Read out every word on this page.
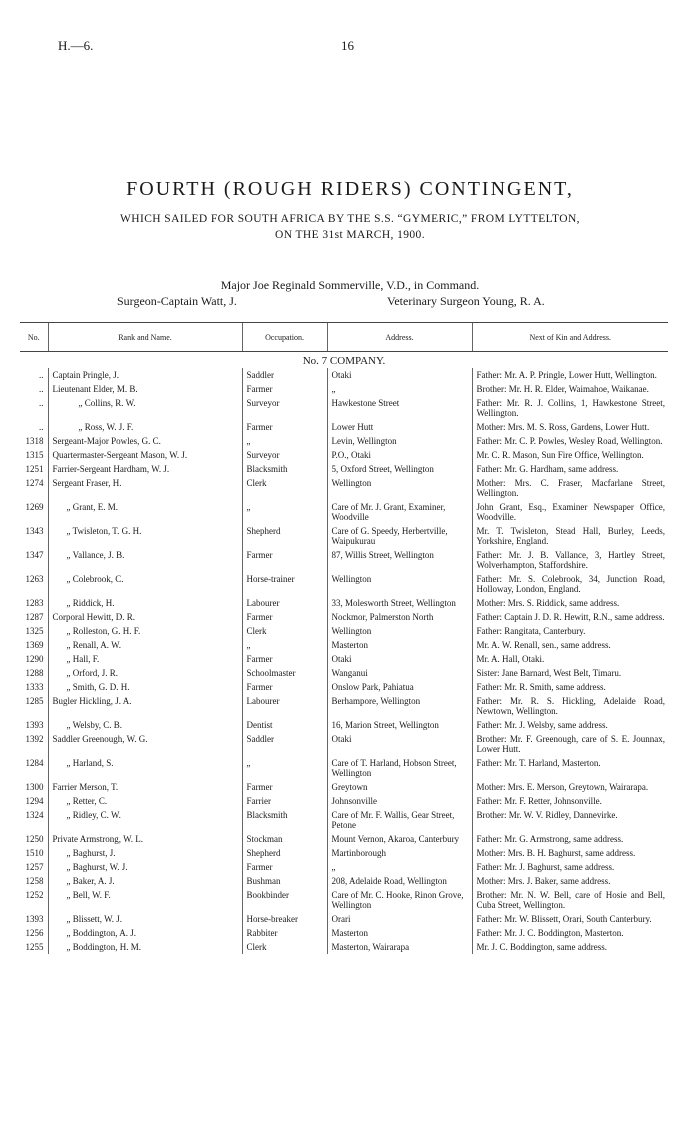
H.—6.	16
FOURTH (ROUGH RIDERS) CONTINGENT,
WHICH SAILED FOR SOUTH AFRICA BY THE S.S. “GYMERIC,” FROM LYTTELTON,
ON THE 31st MARCH, 1900.
Major Joe Reginald Sommerville, V.D., in Command.
Surgeon-Captain Watt, J.	Veterinary Surgeon Young, R. A.
No.	Rank and Name.	Occupation.	Address.	Next of Kin and Address.
No. 7 COMPANY.				
..	Captain Pringle, J.	Saddler	Otaki	Father: Mr. A. P. Pringle, Lower Hutt, Wellington.
..	Lieutenant Elder, M. B.	Farmer	„	Brother: Mr. H. R. Elder, Waimahoe, Waikanae.
..	„ Collins, R. W.	Surveyor	Hawkestone Street	Father: Mr. R. J. Collins, 1, Hawkestone Street, Wellington.
..	„ Ross, W. J. F.	Farmer	Lower Hutt	Mother: Mrs. M. S. Ross, Gardens, Lower Hutt.
1318	Sergeant-Major Powles, G. C.	„	Levin, Wellington	Father: Mr. C. P. Powles, Wesley Road, Wellington.
1315	Quartermaster-Sergeant Mason, W. J.	Surveyor	P.O., Otaki	Mr. C. R. Mason, Sun Fire Office, Wellington.
1251	Farrier-Sergeant Hardham, W. J.	Blacksmith	5, Oxford Street, Wellington	Father: Mr. G. Hardham, same address.
1274	Sergeant Fraser, H.	Clerk	Wellington	Mother: Mrs. C. Fraser, Macfarlane Street, Wellington.
1269	„ Grant, E. M.	„	Care of Mr. J. Grant, Examiner, Woodville	John Grant, Esq., Examiner Newspaper Office, Woodville.
1343	„ Twisleton, T. G. H.	Shepherd	Care of G. Speedy, Herbertville, Waipukurau	Mr. T. Twisleton, Stead Hall, Burley, Leeds, Yorkshire, England.
1347	„ Vallance, J. B.	Farmer	87, Willis Street, Wellington	Father: Mr. J. B. Vallance, 3, Hartley Street, Wolverhampton, Staffordshire.
1263	„ Colebrook, C.	Horse-trainer	Wellington	Father: Mr. S. Colebrook, 34, Junction Road, Holloway, London, England.
1283	„ Riddick, H.	Labourer	33, Molesworth Street, Wellington	Mother: Mrs. S. Riddick, same address.
1287	Corporal Hewitt, D. R.	Farmer	Nockmor, Palmerston North	Father: Captain J. D. R. Hewitt, R.N., same address.
1325	„ Rolleston, G. H. F.	Clerk	Wellington	Father: Rangitata, Canterbury.
1369	„ Renall, A. W.	„	Masterton	Mr. A. W. Renall, sen., same address.
1290	„ Hall, F.	Farmer	Otaki	Mr. A. Hall, Otaki.
1288	„ Orford, J. R.	Schoolmaster	Wanganui	Sister: Jane Barnard, West Belt, Timaru.
1333	„ Smith, G. D. H.	Farmer	Onslow Park, Pahiatua	Father: Mr. R. Smith, same address.
1285	Bugler Hickling, J. A.	Labourer	Berhampore, Wellington	Father: Mr. R. S. Hickling, Adelaide Road, Newtown, Wellington.
1393	„ Welsby, C. B.	Dentist	16, Marion Street, Wellington	Father: Mr. J. Welsby, same address.
1392	Saddler Greenough, W. G.	Saddler	Otaki	Brother: Mr. F. Greenough, care of S. E. Jounnax, Lower Hutt.
1284	„ Harland, S.	„	Care of T. Harland, Hobson Street, Wellington	Father: Mr. T. Harland, Masterton.
1300	Farrier Merson, T.	Farmer	Greytown	Mother: Mrs. E. Merson, Greytown, Wairarapa.
1294	„ Retter, C.	Farrier	Johnsonville	Father: Mr. F. Retter, Johnsonville.
1324	„ Ridley, C. W.	Blacksmith	Care of Mr. F. Wallis, Gear Street, Petone	Brother: Mr. W. V. Ridley, Dannevirke.
1250	Private Armstrong, W. L.	Stockman	Mount Vernon, Akaroa, Canterbury	Father: Mr. G. Armstrong, same address.
1510	„ Baghurst, J.	Shepherd	Martinborough	Mother: Mrs. B. H. Baghurst, same address.
1257	„ Baghurst, W. J.	Farmer	„	Father: Mr. J. Baghurst, same address.
1258	„ Baker, A. J.	Bushman	208, Adelaide Road, Wellington	Mother: Mrs. J. Baker, same address.
1252	„ Bell, W. F.	Bookbinder	Care of Mr. C. Hooke, Rinon Grove, Wellington	Brother: Mr. N. W. Bell, care of Hosie and Bell, Cuba Street, Wellington.
1393	„ Blissett, W. J.	Horse-breaker	Orari	Father: Mr. W. Blissett, Orari, South Canterbury.
1256	„ Boddington, A. J.	Rabbiter	Masterton	Father: Mr. J. C. Boddington, Masterton.
1255	„ Boddington, H. M.	Clerk	Masterton, Wairarapa	Mr. J. C. Boddington, same address.
